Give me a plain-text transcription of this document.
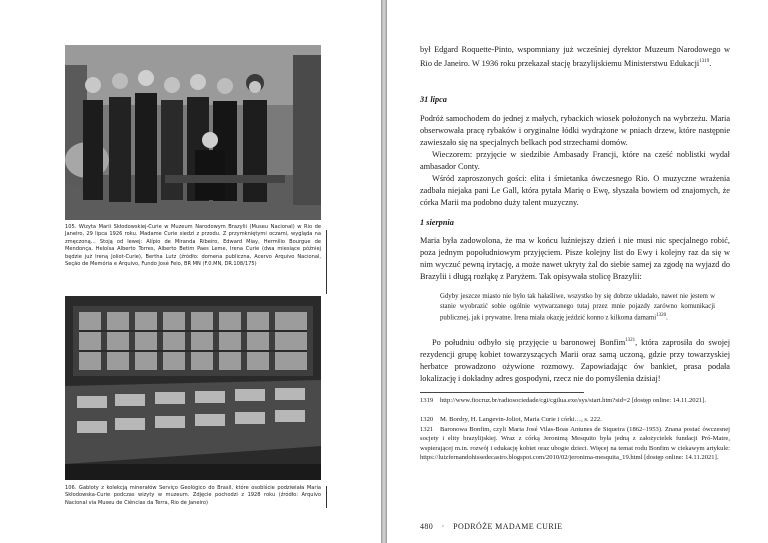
105. Wizyta Marii Skłodowskiej-Curie w Muzeum Narodowym Brazylii (Museu Nacional) w Rio de Janeiro, 29 lipca 1926 roku. Madame Curie siedzi z przodu. Z przymkniętymi oczami, wygląda na zmęczoną… Stoją od lewej: Alípio de Miranda Ribeiro, Edward Miay, Hermílio Bourgue de Mendonça, Heloísa Alberto Torres, Alberto Betim Paes Leme, Irena Curie (dwa miesiące później będzie już Ireną Joliot-Curie), Bertha Lutz (źródło: domena publiczna, Acervo Arquivo Nacional, Seção de Memória e Arquivo, Fundo José Feio, BR MN (F.0.MN, DR.108/175)
106. Gabloty z kolekcją minerałów Serviço Geológico do Brasil, które osobiście podziwiała Maria Skłodowska-Curie podczas wizyty w muzeum. Zdjęcie pochodzi z 1928 roku (źródło: Arquivo Nacional via Museu de Ciências da Terra, Rio de Janeiro)

był Edgard Roquette-Pinto, wspomniany już wcześniej dyrektor Muzeum Narodowego w Rio de Janeiro. W 1936 roku przekazał stację brazylijskiemu Ministerstwu Edukacji$^{1319}$.

31 lipca

Podróż samochodem do jednej z małych, rybackich wiosek położonych na wybrzeżu. Maria obserwowała pracę rybaków i oryginalne łódki wydrążone w pniach drzew, które następnie zawieszało się na specjalnych belkach pod strzechami domów.

Wieczorem: przyjęcie w siedzibie Ambasady Francji, które na cześć noblistki wydał ambasador Conty.

Wśród zaproszonych gości: elita i śmietanka ówczesnego Rio. O muzyczne wrażenia zadbała niejaka pani Le Gall, która pytała Marię o Ewę, słyszała bowiem od znajomych, że córka Marii ma podobno duży talent muzyczny.

1 sierpnia

Maria była zadowolona, że ma w końcu luźniejszy dzień i nie musi nic specjalnego robić, poza jednym popołudniowym przyjęciem. Pisze kolejny list do Ewy i kolejny raz da się w nim wyczuć pewną irytację, a może nawet ukryty żal do siebie samej za zgodę na wyjazd do Brazylii i długą rozłąkę z Paryżem. Tak opisywała stolicę Brazylii:

Gdyby jeszcze miasto nie było tak hałaśliwe, wszystko by się dobrze układało, nawet nie jestem w stanie wyobrazić sobie ogólnie wytwarzanego tutaj przez mnie pojazdy zarówno komunikacji publicznej, jak i prywatne. Irena miała okazję jeździć konno z kilkoma damami$^{1320}$.

Po południu odbyło się przyjęcie u baronowej Bonfim$^{1321}$, która zaprosiła do swojej rezydencji grupę kobiet towarzyszących Marii oraz samą uczoną, gdzie przy towarzyskiej herbatce prowadzono ożywione rozmowy. Zapowiadając ów bankiet, prasa podała lokalizację i dokładny adres gospodyni, rzecz nie do pomyślenia dzisiaj!

1319 http://www.fiocruz.br/radiosociedade/cgi/cgilua.exe/sys/start.htm?sid=2 [dostęp online: 14.11.2021].
1320 M. Bordry, H. Langevin-Joliot, Maria Curie i córki…, s. 222.
1321 Baronowa Bonfim, czyli Maria José Vilas-Boas Antunes de Siqueira (1862–1953). Znana postać ówczesnej socjety i elity brazylijskiej. Wraz z córką Jeronimą Mesquito była jedną z założycielek fundacji Pró-Matre, wspierającej m.in. rozwój i edukację kobiet oraz ubogie dzieci. Więcej na temat rodu Bonfim w ciekawym artykule: https://luizfernandohissedecastro.blogspot.com/2010/02/jeronima-mesquita_19.html [dostęp online: 14.11.2021].
480 · PODRÓŻE MADAME CURIE
